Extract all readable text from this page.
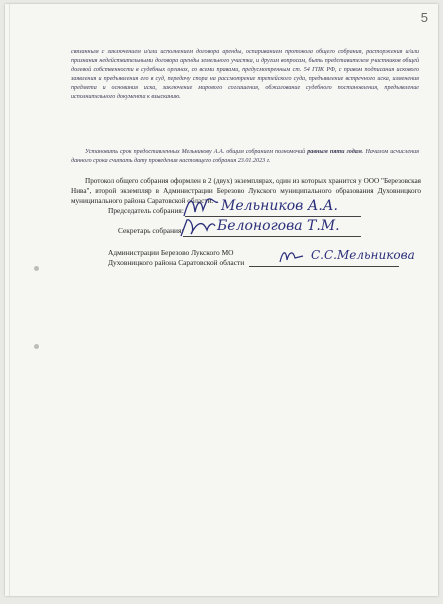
5

связанным с заключением и/или исполнением договора аренды, оспариванием протокола общего собрания, расторжения и/или признания недействительными договора аренды земельного участка, и другим вопросам, быть представителем участников общей долевой собственности в судебных органах, со всеми правами, предусмотренным ст. 54 ГПК РФ, с правом подписания искового заявления и предъявления его в суд, передачу спора на рассмотрение третейского суда, предъявление встречного иска, изменения предмета и основания иска, заключение мирового соглашения, обжалование судебного постановления, предъявление исполнительного документа к взысканию.

Установить срок предоставленных Мельникову А.А. общим собранием полномочий равным пяти годам. Началом исчисления данного срока считать дату проведения настоящего собрания 23.01.2023 г.

Протокол общего собрания оформлен в 2 (двух) экземплярах, один из которых хранится у ООО "Березовская Нива", второй экземпляр в Администрации Березово Лукского муниципального образования Духовницкого муниципального района Саратовской области.

Председатель собрания:	Мельников А.А.
Секретарь собрания: Белоногова Т.М.
Администрации Березово Лукского МО
Духовницкого района Саратовской области
С.С.Мельникова
